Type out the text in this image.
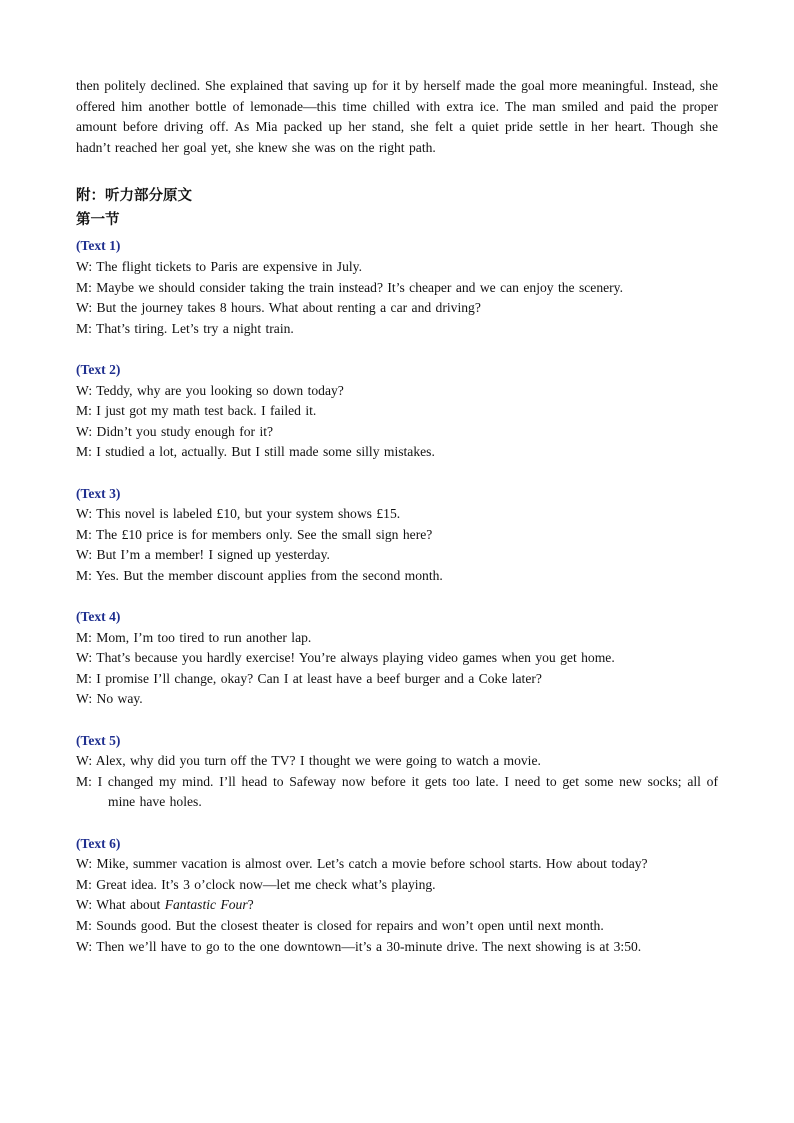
then politely declined. She explained that saving up for it by herself made the goal more meaningful. Instead, she offered him another bottle of lemonade—this time chilled with extra ice. The man smiled and paid the proper amount before driving off. As Mia packed up her stand, she felt a quiet pride settle in her heart. Though she hadn’t reached her goal yet, she knew she was on the right path.

附：听力部分原文

第一节

(Text 1)

W: The flight tickets to Paris are expensive in July.

M: Maybe we should consider taking the train instead? It’s cheaper and we can enjoy the scenery.

W: But the journey takes 8 hours. What about renting a car and driving?

M: That’s tiring. Let’s try a night train.

(Text 2)

W: Teddy, why are you looking so down today?

M: I just got my math test back. I failed it.

W: Didn’t you study enough for it?

M: I studied a lot, actually. But I still made some silly mistakes.

(Text 3)

W: This novel is labeled £10, but your system shows £15.

M: The £10 price is for members only. See the small sign here?

W: But I’m a member! I signed up yesterday.

M: Yes. But the member discount applies from the second month.

(Text 4)

M: Mom, I’m too tired to run another lap.

W: That’s because you hardly exercise! You’re always playing video games when you get home.

M: I promise I’ll change, okay? Can I at least have a beef burger and a Coke later?

W: No way.

(Text 5)

W: Alex, why did you turn off the TV? I thought we were going to watch a movie.

M: I changed my mind. I’ll head to Safeway now before it gets too late. I need to get some new socks; all of mine have holes.

(Text 6)

W: Mike, summer vacation is almost over. Let’s catch a movie before school starts. How about today?

M: Great idea. It’s 3 o’clock now—let me check what’s playing.

W: What about Fantastic Four?

M: Sounds good. But the closest theater is closed for repairs and won’t open until next month.

W: Then we’ll have to go to the one downtown—it’s a 30-minute drive. The next showing is at 3:50.
